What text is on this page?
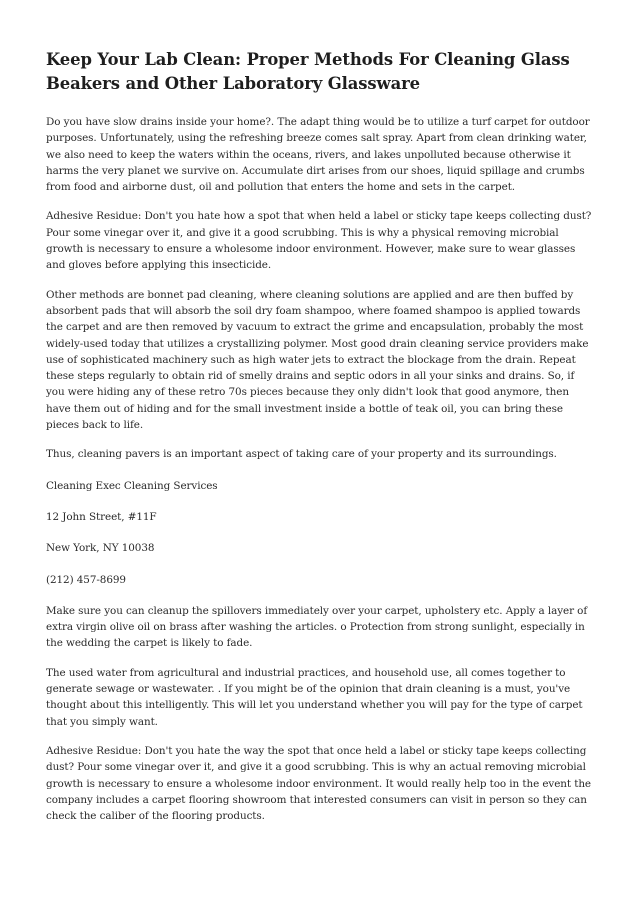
Keep Your Lab Clean: Proper Methods For Cleaning Glass Beakers and Other Laboratory Glassware

Do you have slow drains inside your home?. The adapt thing would be to utilize a turf carpet for outdoor purposes. Unfortunately, using the refreshing breeze comes salt spray. Apart from clean drinking water, we also need to keep the waters within the oceans, rivers, and lakes unpolluted because otherwise it harms the very planet we survive on. Accumulate dirt arises from our shoes, liquid spillage and crumbs from food and airborne dust, oil and pollution that enters the home and sets in the carpet.

Adhesive Residue: Don't you hate how a spot that when held a label or sticky tape keeps collecting dust? Pour some vinegar over it, and give it a good scrubbing. This is why a physical removing microbial growth is necessary to ensure a wholesome indoor environment. However, make sure to wear glasses and gloves before applying this insecticide.

Other methods are bonnet pad cleaning, where cleaning solutions are applied and are then buffed by absorbent pads that will absorb the soil dry foam shampoo, where foamed shampoo is applied towards the carpet and are then removed by vacuum to extract the grime and encapsulation, probably the most widely-used today that utilizes a crystallizing polymer. Most good drain cleaning service providers make use of sophisticated machinery such as high water jets to extract the blockage from the drain. Repeat these steps regularly to obtain rid of smelly drains and septic odors in all your sinks and drains. So, if you were hiding any of these retro 70s pieces because they only didn't look that good anymore, then have them out of hiding and for the small investment inside a bottle of teak oil, you can bring these pieces back to life.

Thus, cleaning pavers is an important aspect of taking care of your property and its surroundings.

Cleaning Exec Cleaning Services

12 John Street, #11F

New York, NY 10038

(212) 457-8699

Make sure you can cleanup the spillovers immediately over your carpet, upholstery etc. Apply a layer of extra virgin olive oil on brass after washing the articles. o Protection from strong sunlight, especially in the wedding the carpet is likely to fade.

The used water from agricultural and industrial practices, and household use, all comes together to generate sewage or wastewater. . If you might be of the opinion that drain cleaning is a must, you've thought about this intelligently. This will let you understand whether you will pay for the type of carpet that you simply want.

Adhesive Residue: Don't you hate the way the spot that once held a label or sticky tape keeps collecting dust? Pour some vinegar over it, and give it a good scrubbing. This is why an actual removing microbial growth is necessary to ensure a wholesome indoor environment. It would really help too in the event the company includes a carpet flooring showroom that interested consumers can visit in person so they can check the caliber of the flooring products.
